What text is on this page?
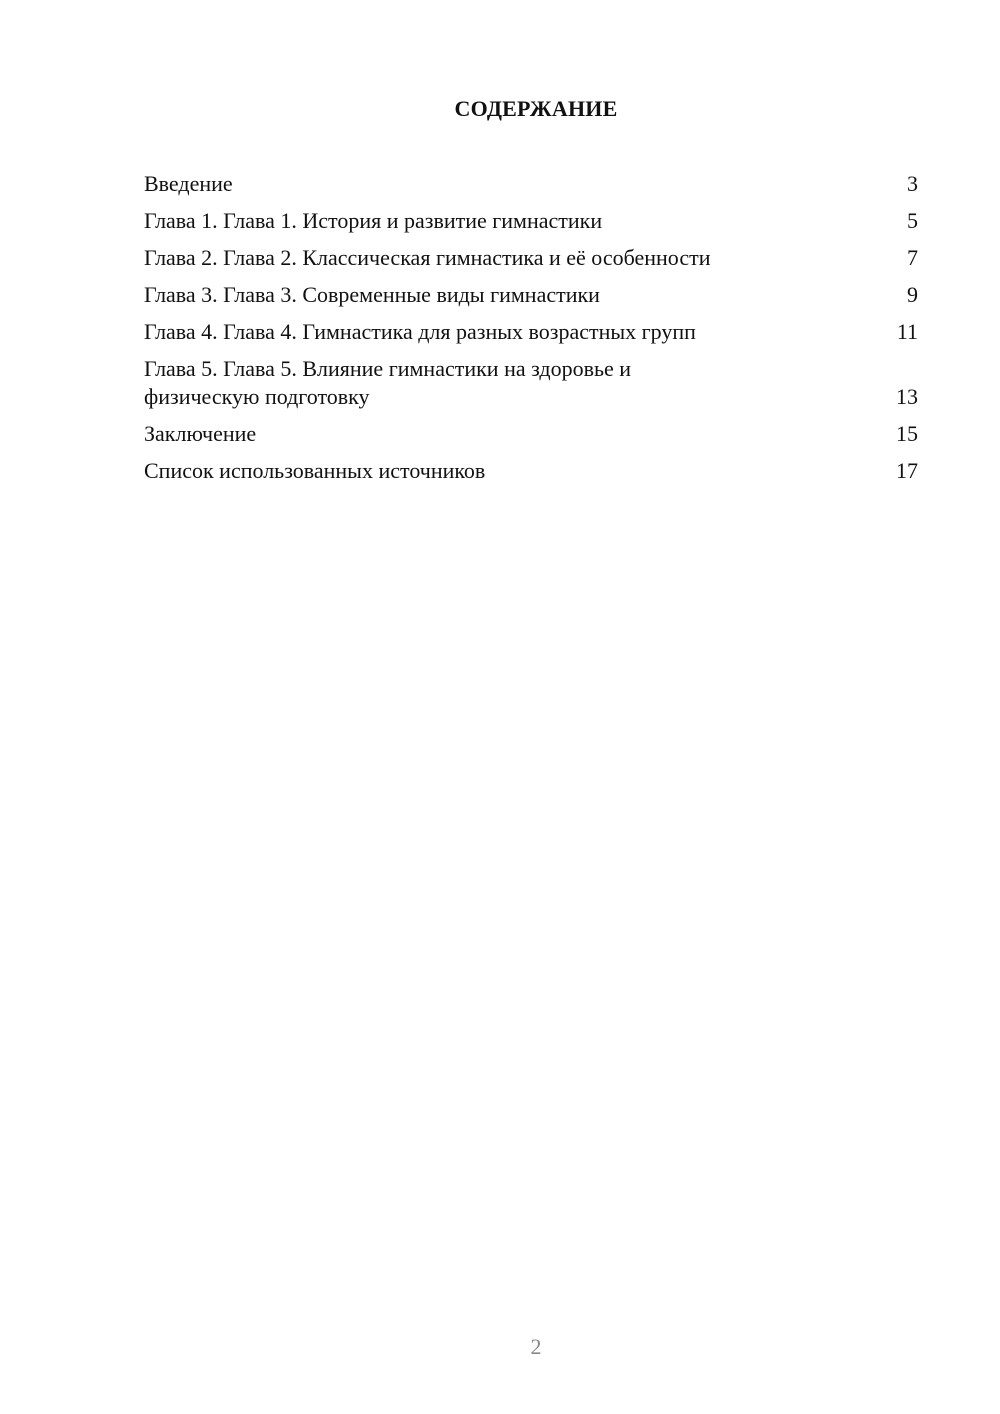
СОДЕРЖАНИЕ
Введение	3
Глава 1. Глава 1. История и развитие гимнастики	5
Глава 2. Глава 2. Классическая гимнастика и её особенности	7
Глава 3. Глава 3. Современные виды гимнастики	9
Глава 4. Глава 4. Гимнастика для разных возрастных групп	11
Глава 5. Глава 5. Влияние гимнастики на здоровье и физическую подготовку	13
Заключение	15
Список использованных источников	17
2
